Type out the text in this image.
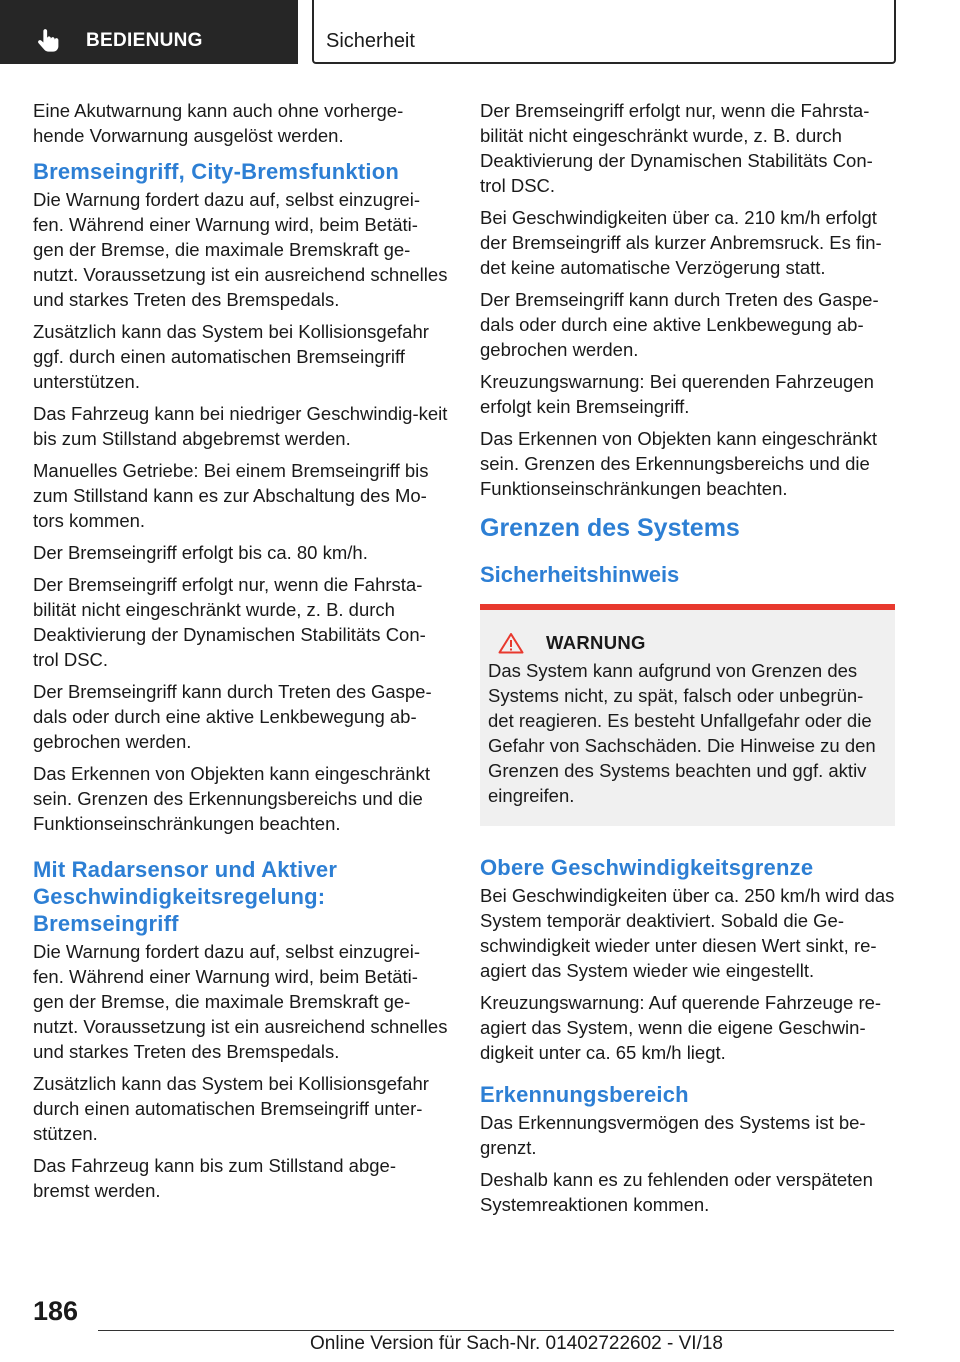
BEDIENUNG	Sicherheit

Eine Akutwarnung kann auch ohne vorherge-hende Vorwarnung ausgelöst werden.

Bremseingriff, City-Bremsfunktion

Die Warnung fordert dazu auf, selbst einzugrei-fen. Während einer Warnung wird, beim Betäti-gen der Bremse, die maximale Bremskraft ge-nutzt. Voraussetzung ist ein ausreichend schnelles und starkes Treten des Bremspedals.

Zusätzlich kann das System bei Kollisionsgefahr ggf. durch einen automatischen Bremseingriff unterstützen.

Das Fahrzeug kann bei niedriger Geschwindig-keit bis zum Stillstand abgebremst werden.

Manuelles Getriebe: Bei einem Bremseingriff bis zum Stillstand kann es zur Abschaltung des Mo-tors kommen.

Der Bremseingriff erfolgt bis ca. 80 km/h.

Der Bremseingriff erfolgt nur, wenn die Fahrsta-bilität nicht eingeschränkt wurde, z. B. durch Deaktivierung der Dynamischen Stabilitäts Con-trol DSC.

Der Bremseingriff kann durch Treten des Gaspe-dals oder durch eine aktive Lenkbewegung ab-gebrochen werden.

Das Erkennen von Objekten kann eingeschränkt sein. Grenzen des Erkennungsbereichs und die Funktionseinschränkungen beachten.

Mit Radarsensor und Aktiver Geschwindigkeitsregelung: Bremseingriff

Die Warnung fordert dazu auf, selbst einzugrei-fen. Während einer Warnung wird, beim Betäti-gen der Bremse, die maximale Bremskraft ge-nutzt. Voraussetzung ist ein ausreichend schnelles und starkes Treten des Bremspedals.

Zusätzlich kann das System bei Kollisionsgefahr durch einen automatischen Bremseingriff unter-stützen.

Das Fahrzeug kann bis zum Stillstand abge-bremst werden.

Der Bremseingriff erfolgt nur, wenn die Fahrsta-bilität nicht eingeschränkt wurde, z. B. durch Deaktivierung der Dynamischen Stabilitäts Con-trol DSC.

Bei Geschwindigkeiten über ca. 210 km/h erfolgt der Bremseingriff als kurzer Anbremsruck. Es fin-det keine automatische Verzögerung statt.

Der Bremseingriff kann durch Treten des Gaspe-dals oder durch eine aktive Lenkbewegung ab-gebrochen werden.

Kreuzungswarnung: Bei querenden Fahrzeugen erfolgt kein Bremseingriff.

Das Erkennen von Objekten kann eingeschränkt sein. Grenzen des Erkennungsbereichs und die Funktionseinschränkungen beachten.

Grenzen des Systems
Sicherheitshinweis
WARNUNG

Das System kann aufgrund von Grenzen des Systems nicht, zu spät, falsch oder unbegrün-det reagieren. Es besteht Unfallgefahr oder die Gefahr von Sachschäden. Die Hinweise zu den Grenzen des Systems beachten und ggf. aktiv eingreifen.

Obere Geschwindigkeitsgrenze

Bei Geschwindigkeiten über ca. 250 km/h wird das System temporär deaktiviert. Sobald die Ge-schwindigkeit wieder unter diesen Wert sinkt, re-agiert das System wieder wie eingestellt.

Kreuzungswarnung: Auf querende Fahrzeuge re-agiert das System, wenn die eigene Geschwin-digkeit unter ca. 65 km/h liegt.

Erkennungsbereich

Das Erkennungsvermögen des Systems ist be-grenzt.

Deshalb kann es zu fehlenden oder verspäteten Systemreaktionen kommen.

186
Online Version für Sach-Nr. 01402722602 - VI/18
